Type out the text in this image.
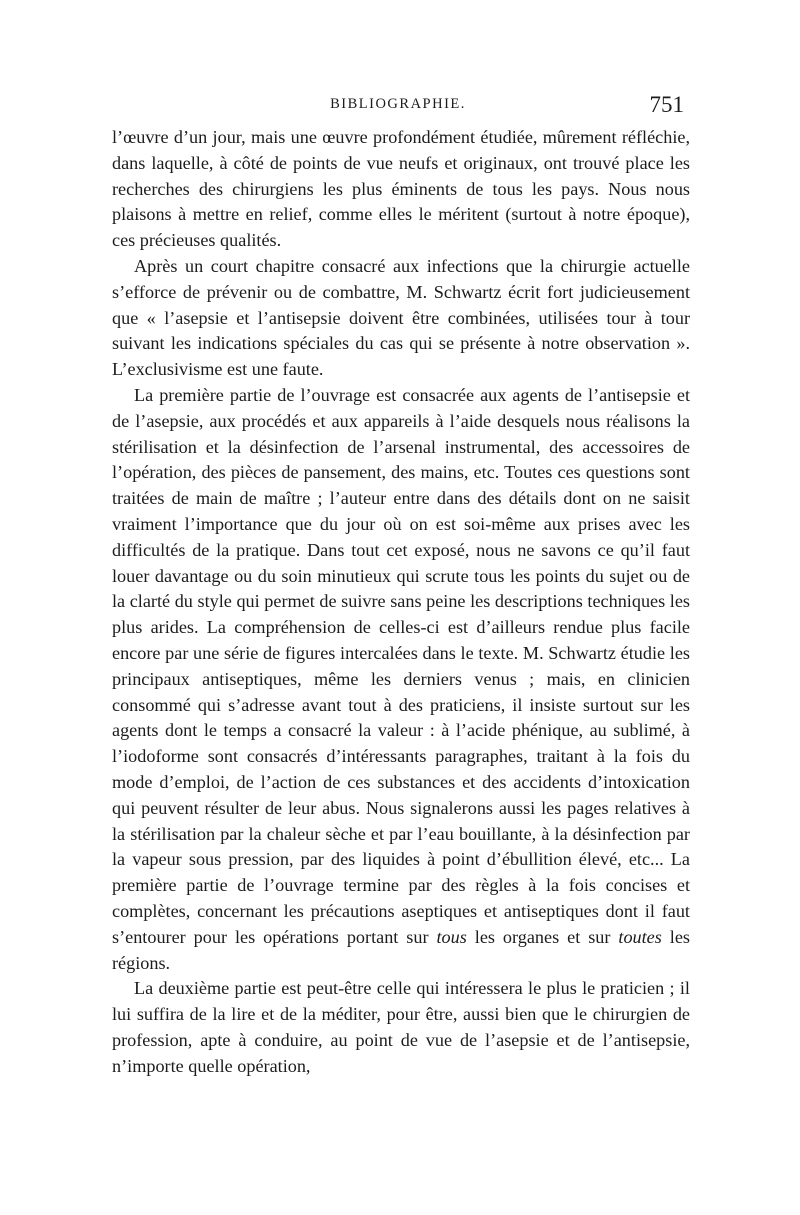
BIBLIOGRAPHIE.	751

l’œuvre d’un jour, mais une œuvre profondément étudiée, mûrement réfléchie, dans laquelle, à côté de points de vue neufs et originaux, ont trouvé place les recherches des chirurgiens les plus éminents de tous les pays. Nous nous plaisons à mettre en relief, comme elles le méritent (surtout à notre époque), ces précieuses qualités.

Après un court chapitre consacré aux infections que la chirurgie actuelle s’efforce de prévenir ou de combattre, M. Schwartz écrit fort judicieusement que « l’asepsie et l’antisepsie doivent être combinées, utilisées tour à tour suivant les indications spéciales du cas qui se présente à notre observation ». L’exclusivisme est une faute.

La première partie de l’ouvrage est consacrée aux agents de l’antisepsie et de l’asepsie, aux procédés et aux appareils à l’aide desquels nous réalisons la stérilisation et la désinfection de l’arsenal instrumental, des accessoires de l’opération, des pièces de pansement, des mains, etc. Toutes ces questions sont traitées de main de maître ; l’auteur entre dans des détails dont on ne saisit vraiment l’importance que du jour où on est soi-même aux prises avec les difficultés de la pratique. Dans tout cet exposé, nous ne savons ce qu’il faut louer davantage ou du soin minutieux qui scrute tous les points du sujet ou de la clarté du style qui permet de suivre sans peine les descriptions techniques les plus arides. La compréhension de celles-ci est d’ailleurs rendue plus facile encore par une série de figures intercalées dans le texte. M. Schwartz étudie les principaux antiseptiques, même les derniers venus ; mais, en clinicien consommé qui s’adresse avant tout à des praticiens, il insiste surtout sur les agents dont le temps a consacré la valeur : à l’acide phénique, au sublimé, à l’iodoforme sont consacrés d’intéressants paragraphes, traitant à la fois du mode d’emploi, de l’action de ces substances et des accidents d’intoxication qui peuvent résulter de leur abus. Nous signalerons aussi les pages relatives à la stérilisation par la chaleur sèche et par l’eau bouillante, à la désinfection par la vapeur sous pression, par des liquides à point d’ébullition élevé, etc... La première partie de l’ouvrage termine par des règles à la fois concises et complètes, concernant les précautions aseptiques et antiseptiques dont il faut s’entourer pour les opérations portant sur tous les organes et sur toutes les régions.

La deuxième partie est peut-être celle qui intéressera le plus le praticien ; il lui suffira de la lire et de la méditer, pour être, aussi bien que le chirurgien de profession, apte à conduire, au point de vue de l’asepsie et de l’antisepsie, n’importe quelle opération,
